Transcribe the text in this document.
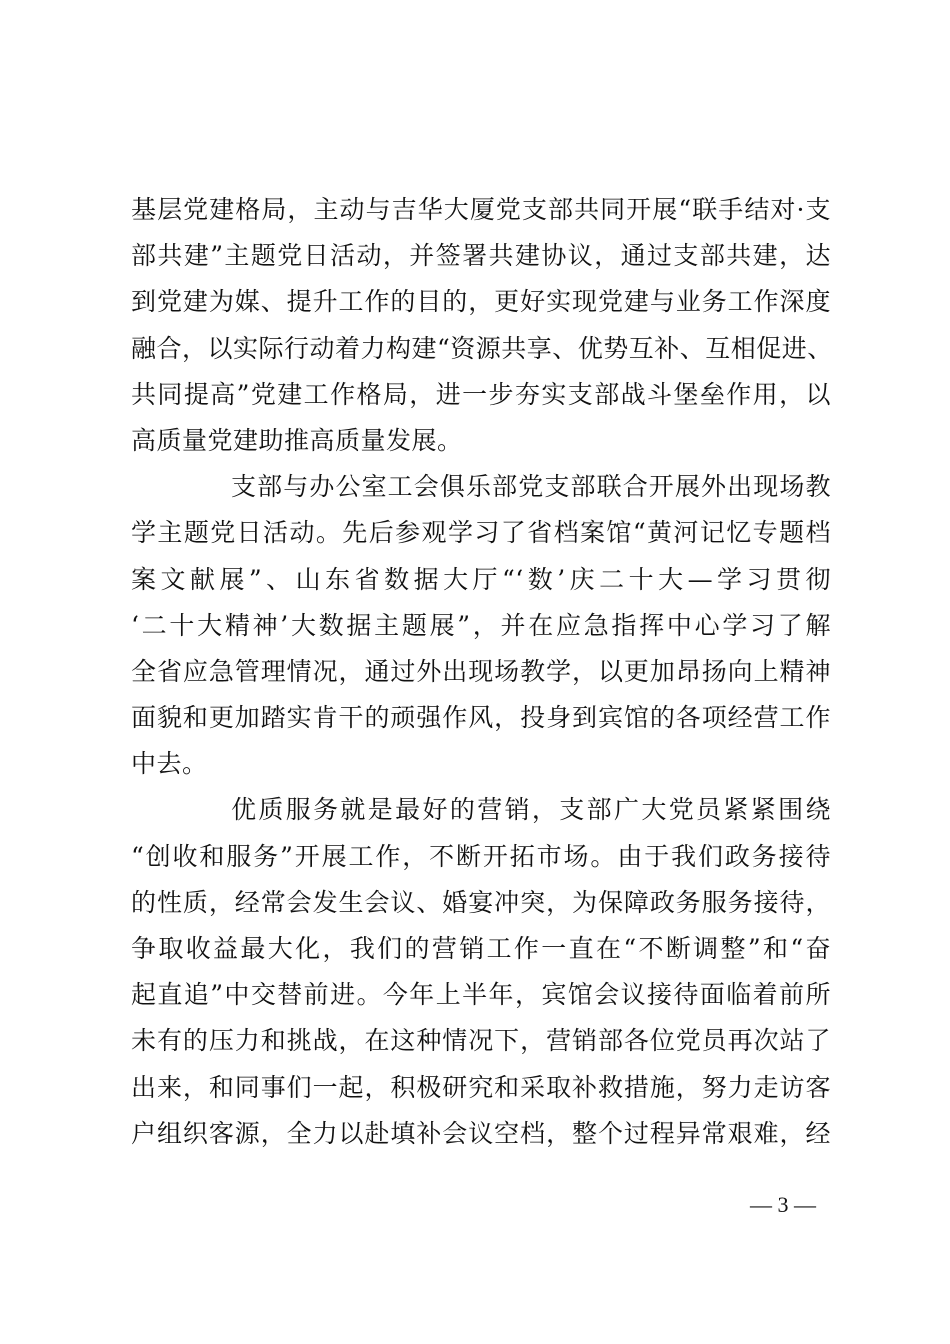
基层党建格局，主动与吉华大厦党支部共同开展“联手结对·支
部共建”主题党日活动，并签署共建协议，通过支部共建，达
到党建为媒、提升工作的目的，更好实现党建与业务工作深度
融合，以实际行动着力构建“资源共享、优势互补、互相促进、
共同提高”党建工作格局，进一步夯实支部战斗堡垒作用，以
高质量党建助推高质量发展。
支部与办公室工会俱乐部党支部联合开展外出现场教
学主题党日活动。先后参观学习了省档案馆“黄河记忆专题档
案文献展”、山东省数据大厅“‘数’庆二十大—学习贯彻
‘二十大精神’大数据主题展”，并在应急指挥中心学习了解
全省应急管理情况，通过外出现场教学，以更加昂扬向上精神
面貌和更加踏实肯干的顽强作风，投身到宾馆的各项经营工作
中去。
优质服务就是最好的营销，支部广大党员紧紧围绕
“创收和服务”开展工作，不断开拓市场。由于我们政务接待
的性质，经常会发生会议、婚宴冲突，为保障政务服务接待，
争取收益最大化，我们的营销工作一直在“不断调整”和“奋
起直追”中交替前进。今年上半年，宾馆会议接待面临着前所
未有的压力和挑战，在这种情况下，营销部各位党员再次站了
出来，和同事们一起，积极研究和采取补救措施，努力走访客
户组织客源，全力以赴填补会议空档，整个过程异常艰难，经
— 3 —
